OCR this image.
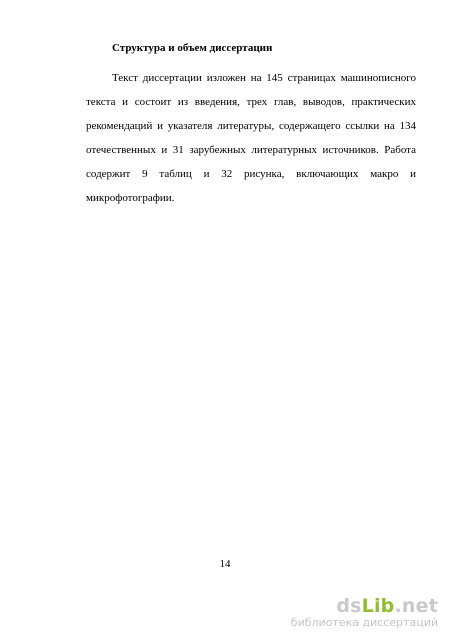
Структура и объем диссертации
Текст диссертации изложен на 145 страницах машинописного
текста и состоит из введения, трех глав, выводов, практических
рекомендаций и указателя литературы, содержащего ссылки на 134
отечественных и 31 зарубежных литературных источников. Работа
содержит 9 таблиц и 32 рисунка, включающих макро и
микрофотографии.
14
dsLib.net
библиотека диссертаций
